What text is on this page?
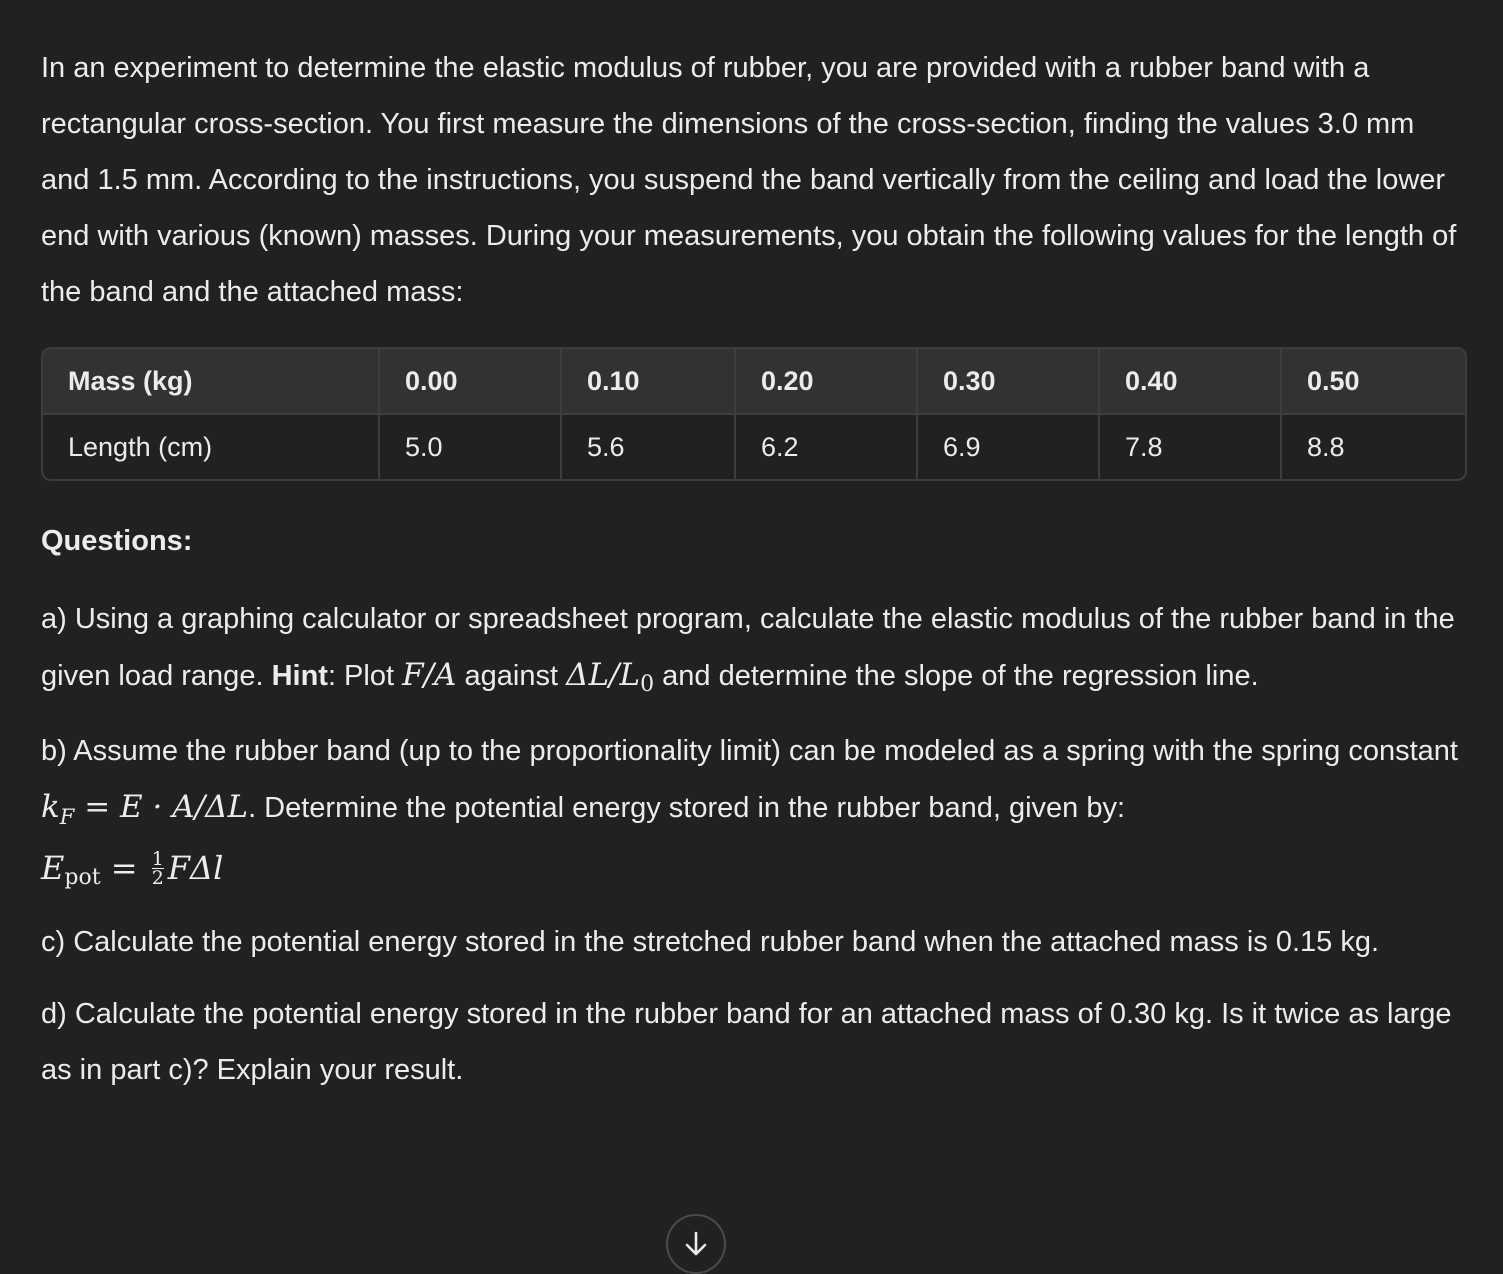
In an experiment to determine the elastic modulus of rubber, you are provided with a rubber band with a rectangular cross-section. You first measure the dimensions of the cross-section, finding the values 3.0 mm and 1.5 mm. According to the instructions, you suspend the band vertically from the ceiling and load the lower end with various (known) masses. During your measurements, you obtain the following values for the length of the band and the attached mass:

Mass (kg)	0.00	0.10	0.20	0.30	0.40	0.50
Length (cm)	5.0	5.6	6.2	6.9	7.8	8.8

Questions:

a) Using a graphing calculator or spreadsheet program, calculate the elastic modulus of the rubber band in the given load range. Hint: Plot F/A against ΔL/L0 and determine the slope of the regression line.

b) Assume the rubber band (up to the proportionality limit) can be modeled as a spring with the spring constant $k_F = E \cdot A/\Delta L$. Determine the potential energy stored in the rubber band, given by:

E pot = $\frac{1}{2}$ FΔl

c) Calculate the potential energy stored in the stretched rubber band when the attached mass is 0.15 kg.

d) Calculate the potential energy stored in the rubber band for an attached mass of 0.30 kg. Is it twice as large as in part c)? Explain your result.
